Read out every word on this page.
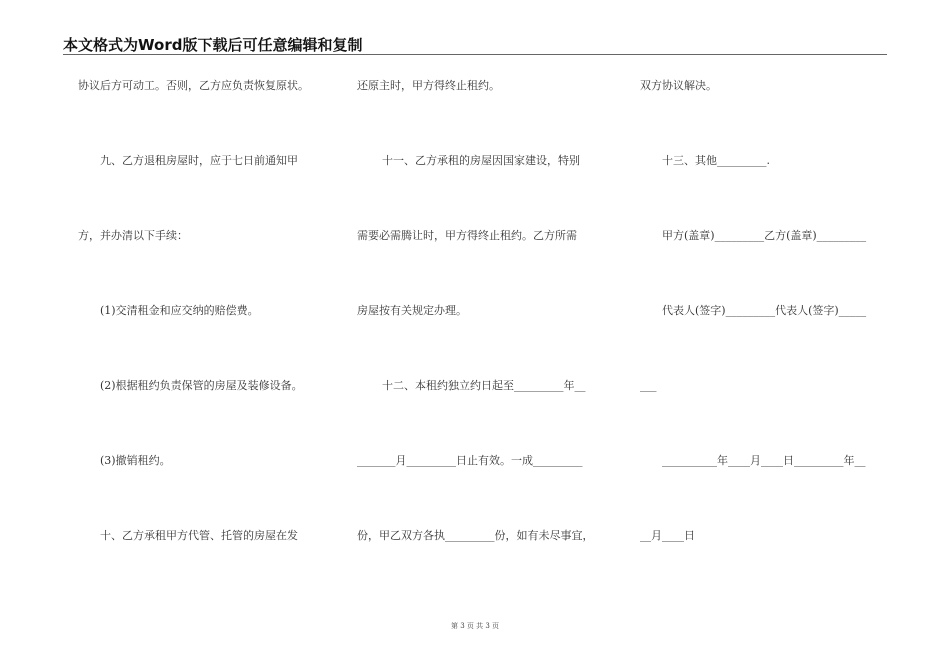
本文格式为Word版下载后可任意编辑和复制
协议后方可动工。否则，乙方应负责恢复原状。
九、乙方退租房屋时，应于七日前通知甲
方，并办清以下手续：
(1)交清租金和应交纳的赔偿费。
(2)根据租约负责保管的房屋及装修设备。
(3)撤销租约。
十、乙方承租甲方代管、托管的房屋在发
还原主时，甲方得终止租约。
十一、乙方承租的房屋因国家建设，特别
需要必需腾让时，甲方得终止租约。乙方所需
房屋按有关规定办理。
十二、本租约独立约日起至_________年__
_______月_________日止有效。一成_________
份，甲乙双方各执_________份，如有未尽事宜，
双方协议解决。
十三、其他_________.
甲方(盖章)_________乙方(盖章)_________
代表人(签字)_________代表人(签字)_____
___
__________年____月____日_________年__
__月____日
第 3 页 共 3 页
